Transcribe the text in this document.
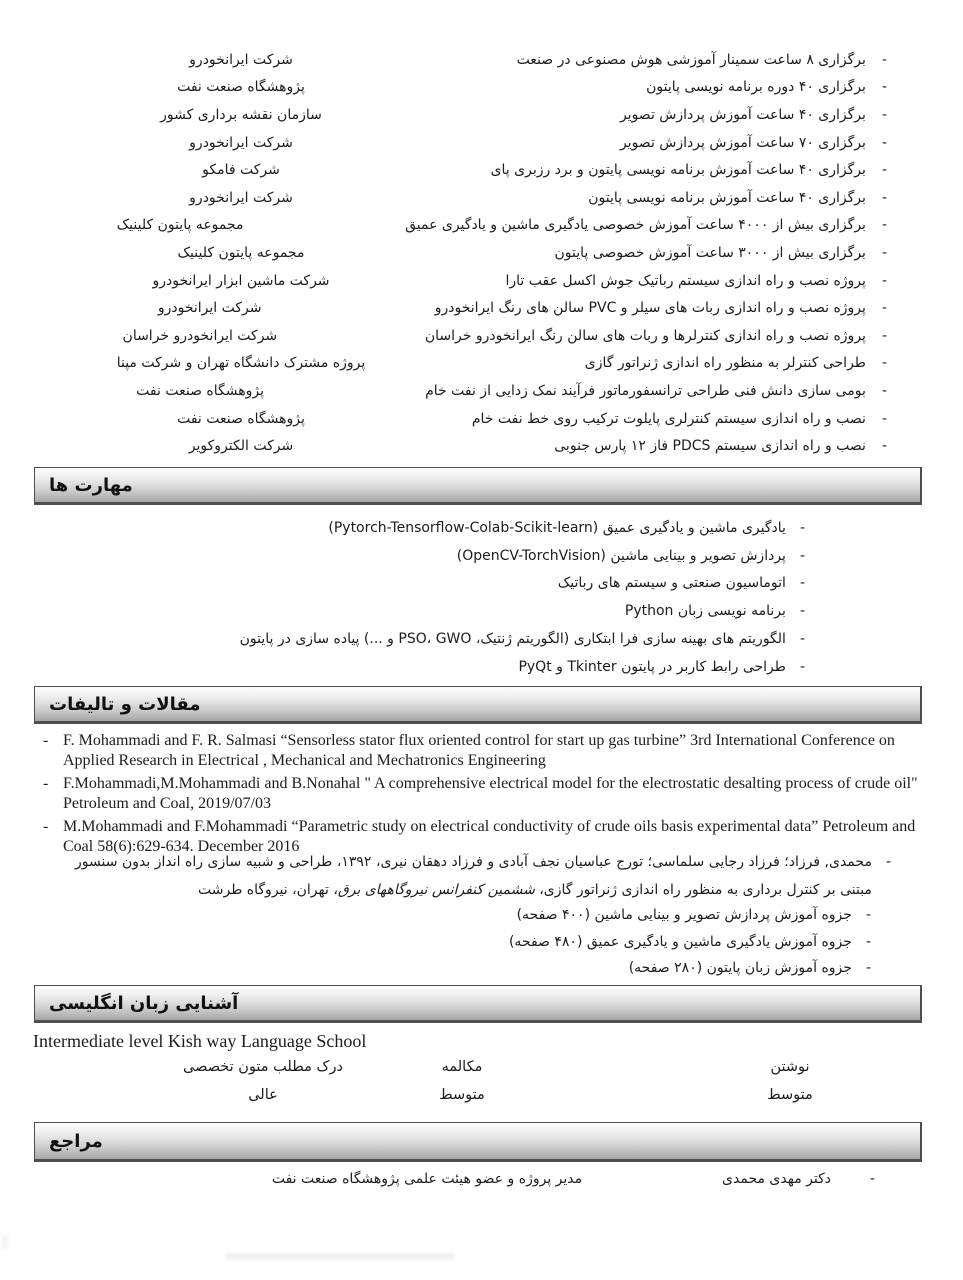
-
برگزاری ۸ ساعت سمینار آموزشی هوش مصنوعی در صنعت
شرکت ایرانخودرو
-
برگزاری ۴۰ دوره برنامه نویسی پایتون
پژوهشگاه صنعت نفت
-
برگزاری ۴۰ ساعت آموزش پردازش تصویر
سازمان نقشه برداری کشور
-
برگزاری ۷۰ ساعت آموزش پردازش تصویر
شرکت ایرانخودرو
-
برگزاری ۴۰ ساعت آموزش برنامه نویسی پایتون و برد رزبری پای
شرکت فامکو
-
برگزاری ۴۰ ساعت آموزش برنامه نویسی پایتون
شرکت ایرانخودرو
-
برگزاری بیش از ۴۰۰۰ ساعت آموزش خصوصی یادگیری ماشین و یادگیری عمیق
مجموعه پایتون کلینیک
-
برگزاری بیش از ۳۰۰۰ ساعت آموزش خصوصی پایتون
مجموعه پایتون کلینیک
-
پروژه نصب و راه اندازی سیستم رباتیک جوش اکسل عقب تارا
شرکت ماشین ابزار ایرانخودرو
-
پروژه نصب و راه اندازی ربات های سیلر و PVC سالن های رنگ ایرانخودرو
شرکت ایرانخودرو
-
پروژه نصب و راه اندازی کنترلرها و ربات های سالن رنگ ایرانخودرو خراسان
شرکت ایرانخودرو خراسان
-
طراحی کنترلر به منظور راه اندازی ژنراتور گازی
پروژه مشترک دانشگاه تهران و شرکت مپنا
-
بومی سازی دانش فنی طراحی ترانسفورماتور فرآیند نمک زدایی از نفت خام
پژوهشگاه صنعت نفت
-
نصب و راه اندازی سیستم کنترلری پایلوت ترکیب روی خط نفت خام
پژوهشگاه صنعت نفت
-
نصب و راه اندازی سیستم PDCS فاز ۱۲ پارس جنوبی
شرکت الکتروکویر
مهارت ها
-
یادگیری ماشین و یادگیری عمیق (Pytorch-Tensorflow-Colab-Scikit-learn)
-
پردازش تصویر و بینایی ماشین (OpenCV-TorchVision)
-
اتوماسیون صنعتی و سیستم های رباتیک
-
برنامه نویسی زبان Python
-
الگوریتم های بهینه سازی فرا ابتکاری (الگوریتم ژنتیک، PSO، GWO و ...) پیاده سازی در پایتون
-
طراحی رابط کاربر در پایتون Tkinter و PyQt
مقالات و تالیفات
- F. Mohammadi and F. R. Salmasi “Sensorless stator flux oriented control for start up gas turbine” 3rd International Conference on Applied Research in Electrical , Mechanical and Mechatronics Engineering
- F.Mohammadi,M.Mohammadi and B.Nonahal " A comprehensive electrical model for the electrostatic desalting process of crude oil" Petroleum and Coal, 2019/07/03
- M.Mohammadi and F.Mohammadi “Parametric study on electrical conductivity of crude oils basis experimental data” Petroleum and Coal 58(6):629-634. December 2016
-
محمدی, فرزاد؛ فرزاد رجایی سلماسی؛ تورج عباسیان نجف آبادی و فرزاد دهقان نیری، ۱۳۹۲، طراحی و شبیه سازی راه انداز بدون سنسور مبتنی بر کنترل برداری به منظور راه اندازی ژنراتور گازی، ششمین کنفرانس نیروگاههای برق، تهران، نیروگاه طرشت
-
جزوه آموزش پردازش تصویر و بینایی ماشین (۴۰۰ صفحه)
-
جزوه آموزش یادگیری ماشین و یادگیری عمیق (۴۸۰ صفحه)
-
جزوه آموزش زبان پایتون (۲۸۰ صفحه)
آشنایی زبان انگلیسی
Intermediate level Kish way Language School
نوشتن
مکالمه
درک مطلب متون تخصصی
متوسط
متوسط
عالی
مراجع
-
دکتر مهدی محمدی
مدیر پروژه و عضو هیئت علمی پژوهشگاه صنعت نفت
